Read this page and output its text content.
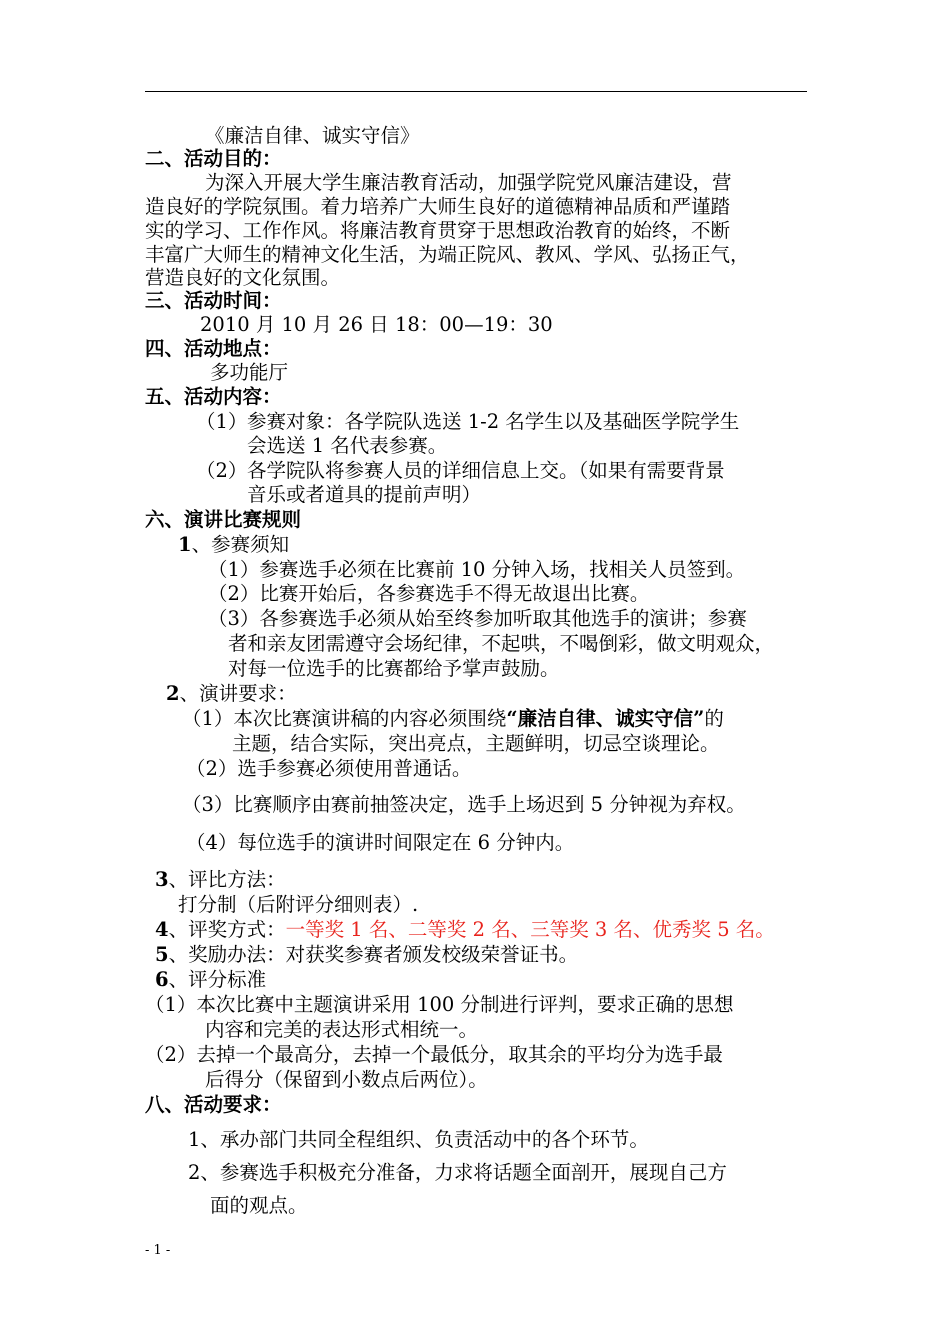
《廉洁自律、诚实守信》
二、活动目的：
为深入开展大学生廉洁教育活动，加强学院党风廉洁建设，营
造良好的学院氛围。着力培养广大师生良好的道德精神品质和严谨踏
实的学习、工作作风。将廉洁教育贯穿于思想政治教育的始终，不断
丰富广大师生的精神文化生活，为端正院风、教风、学风、弘扬正气，
营造良好的文化氛围。
三、活动时间：
2010 月 10 月 26 日 18：00—19：30
四、活动地点：
多功能厅
五、活动内容：
（1） 参赛对象：各学院队选送 1-2 名学生以及基础医学院学生
会选送 1 名代表参赛。
（2） 各学院队将参赛人员的详细信息上交。（如果有需要背景
音乐或者道具的提前声明）
六、演讲比赛规则
1、参赛须知
（1）参赛选手必须在比赛前 10 分钟入场，找相关人员签到。
（2）比赛开始后，各参赛选手不得无故退出比赛。
（3）各参赛选手必须从始至终参加听取其他选手的演讲；参赛
者和亲友团需遵守会场纪律，不起哄，不喝倒彩，做文明观众，
对每一位选手的比赛都给予掌声鼓励。
2、演讲要求：
（1）本次比赛演讲稿的内容必须围绕“廉洁自律、诚实守信”的
主题，结合实际，突出亮点，主题鲜明，切忌空谈理论。
（2）选手参赛必须使用普通话。
（3）比赛顺序由赛前抽签决定，选手上场迟到 5 分钟视为弃权。
（4）每位选手的演讲时间限定在 6 分钟内。
3、评比方法：
打分制（后附评分细则表）.
4、评奖方式：一等奖 1 名、二等奖 2 名、三等奖 3 名、优秀奖 5 名。
5、奖励办法：对获奖参赛者颁发校级荣誉证书。
6、评分标准
（1）本次比赛中主题演讲采用 100 分制进行评判，要求正确的思想
内容和完美的表达形式相统一。
（2）去掉一个最高分，去掉一个最低分，取其余的平均分为选手最
后得分（保留到小数点后两位）。
八、活动要求：
1、承办部门共同全程组织、负责活动中的各个环节。
2、参赛选手积极充分准备，力求将话题全面剖开，展现自己方
面的观点。
- 1 -
